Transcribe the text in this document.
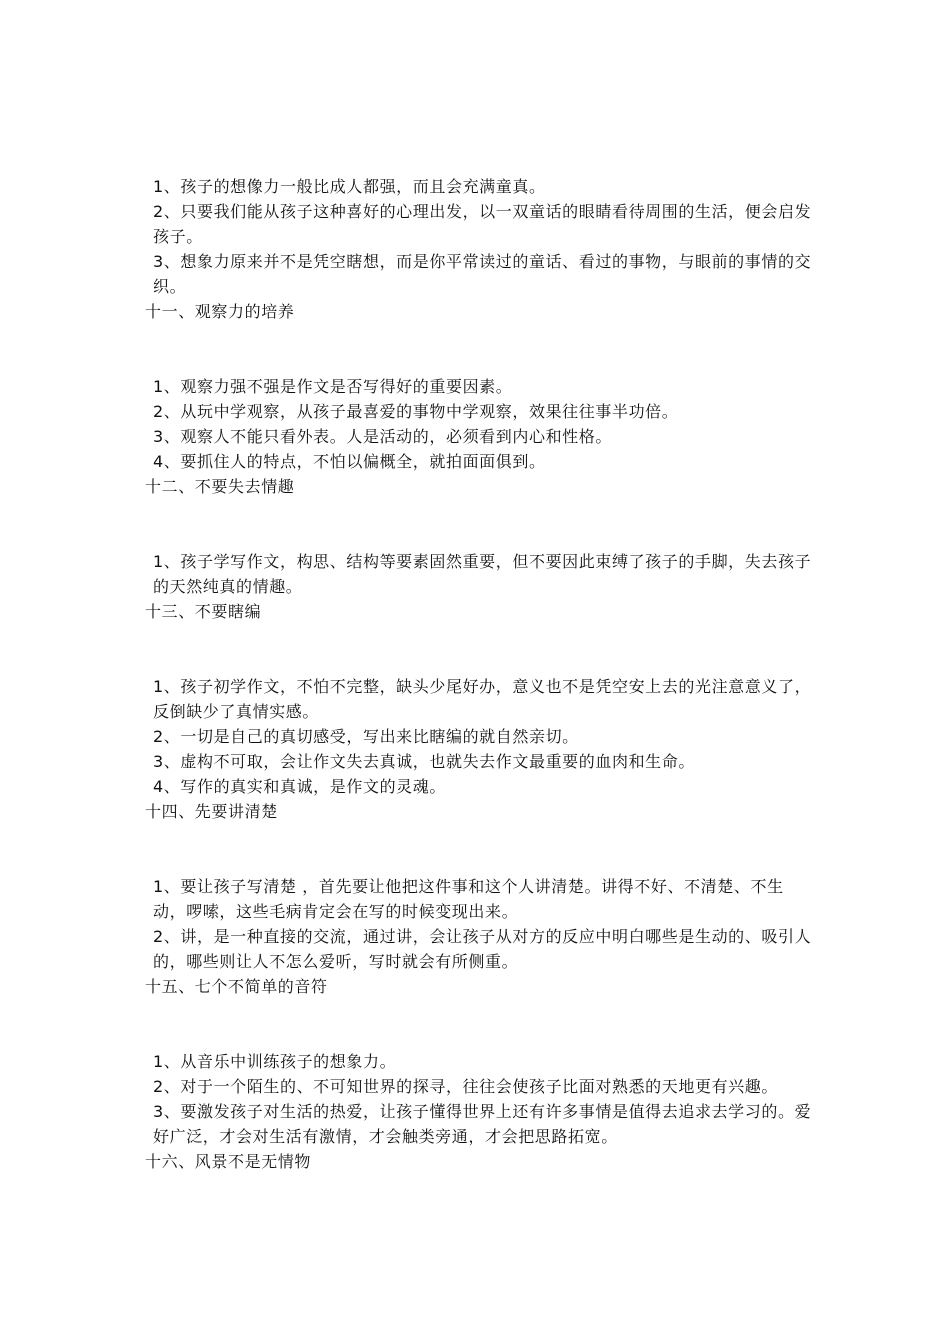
1、孩子的想像力一般比成人都强，而且会充满童真。
2、只要我们能从孩子这种喜好的心理出发，以一双童话的眼睛看待周围的生活，便会启发孩子。
3、想象力原来并不是凭空瞎想，而是你平常读过的童话、看过的事物，与眼前的事情的交织。
十一、观察力的培养
1、观察力强不强是作文是否写得好的重要因素。
2、从玩中学观察，从孩子最喜爱的事物中学观察，效果往往事半功倍。
3、观察人不能只看外表。人是活动的，必须看到内心和性格。
4、要抓住人的特点，不怕以偏概全，就拍面面俱到。
十二、不要失去情趣
1、孩子学写作文，构思、结构等要素固然重要，但不要因此束缚了孩子的手脚，失去孩子的天然纯真的情趣。
十三、不要瞎编
1、孩子初学作文，不怕不完整，缺头少尾好办，意义也不是凭空安上去的光注意意义了，反倒缺少了真情实感。
2、一切是自己的真切感受，写出来比瞎编的就自然亲切。
3、虚构不可取，会让作文失去真诚，也就失去作文最重要的血肉和生命。
4、写作的真实和真诚，是作文的灵魂。
十四、先要讲清楚
1、要让孩子写清楚 ，首先要让他把这件事和这个人讲清楚。讲得不好、不清楚、不生动，啰嗦，这些毛病肯定会在写的时候变现出来。
2、讲，是一种直接的交流，通过讲，会让孩子从对方的反应中明白哪些是生动的、吸引人的，哪些则让人不怎么爱听，写时就会有所侧重。
十五、七个不简单的音符
1、从音乐中训练孩子的想象力。
2、对于一个陌生的、不可知世界的探寻，往往会使孩子比面对熟悉的天地更有兴趣。
3、要激发孩子对生活的热爱，让孩子懂得世界上还有许多事情是值得去追求去学习的。爱好广泛，才会对生活有激情，才会触类旁通，才会把思路拓宽。
十六、风景不是无情物
